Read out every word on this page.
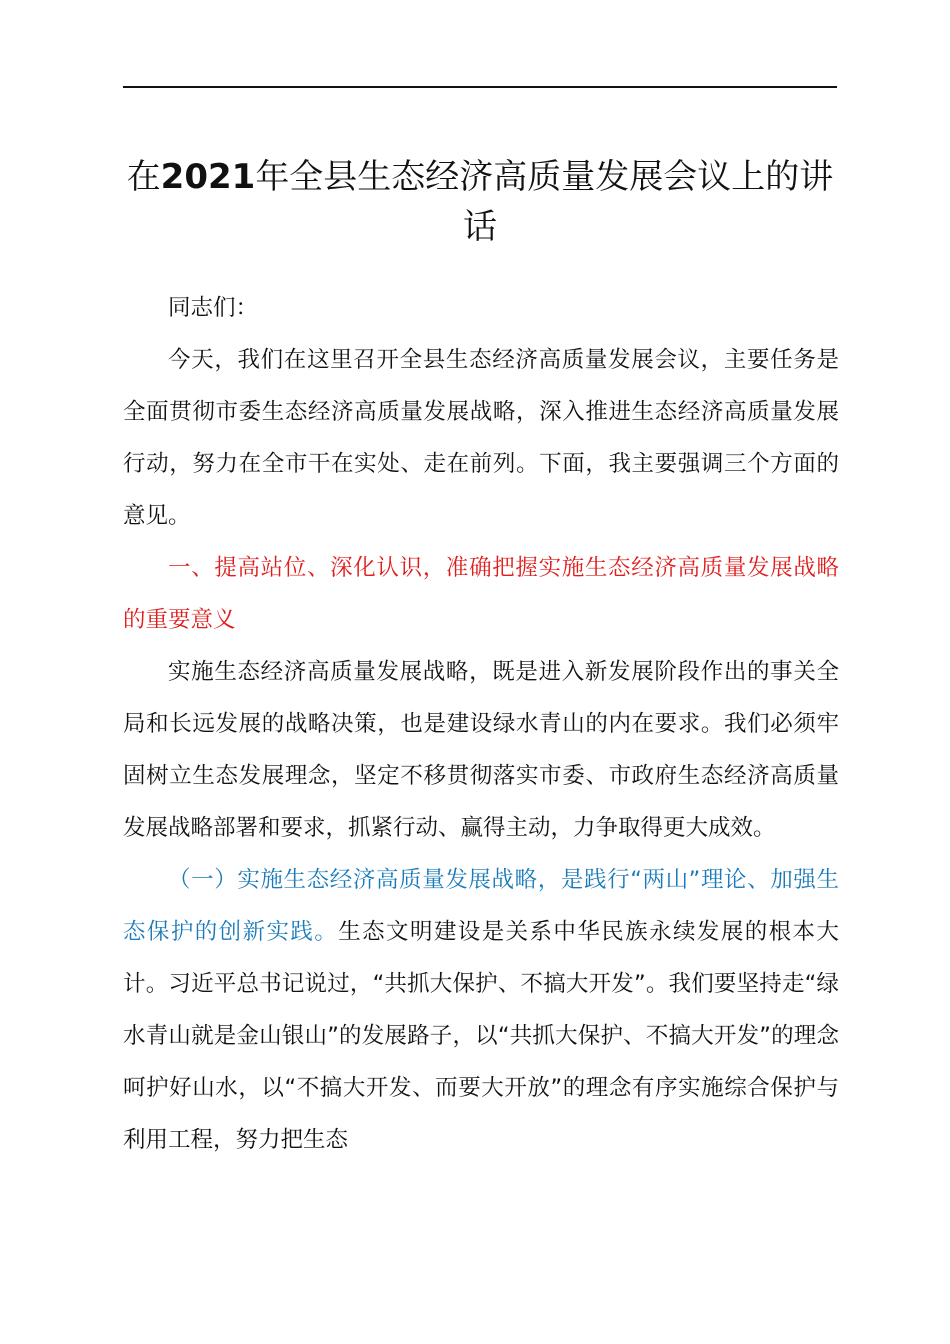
在2021年全县生态经济高质量发展会议上的讲话

同志们：

今天，我们在这里召开全县生态经济高质量发展会议，主要任务是全面贯彻市委生态经济高质量发展战略，深入推进生态经济高质量发展行动，努力在全市干在实处、走在前列。下面，我主要强调三个方面的意见。

一、提高站位、深化认识，准确把握实施生态经济高质量发展战略的重要意义

实施生态经济高质量发展战略，既是进入新发展阶段作出的事关全局和长远发展的战略决策，也是建设绿水青山的内在要求。我们必须牢固树立生态发展理念，坚定不移贯彻落实市委、市政府生态经济高质量发展战略部署和要求，抓紧行动、赢得主动，力争取得更大成效。

（一）实施生态经济高质量发展战略，是践行“两山”理论、加强生态保护的创新实践。生态文明建设是关系中华民族永续发展的根本大计。习近平总书记说过，“共抓大保护、不搞大开发”。我们要坚持走“绿水青山就是金山银山”的发展路子，以“共抓大保护、不搞大开发”的理念呵护好山水，以“不搞大开发、而要大开放”的理念有序实施综合保护与利用工程，努力把生态
